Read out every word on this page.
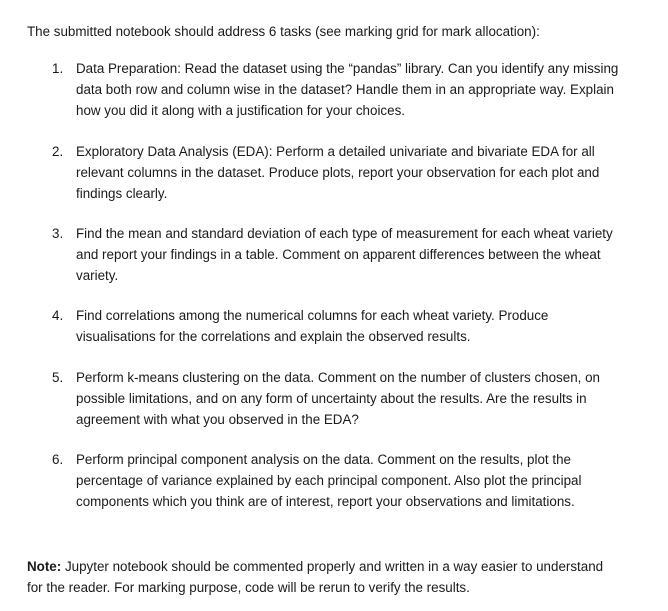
The submitted notebook should address 6 tasks (see marking grid for mark allocation):
1. Data Preparation: Read the dataset using the “pandas” library. Can you identify any missing
data both row and column wise in the dataset? Handle them in an appropriate way. Explain
how you did it along with a justification for your choices.
2. Exploratory Data Analysis (EDA): Perform a detailed univariate and bivariate EDA for all
relevant columns in the dataset. Produce plots, report your observation for each plot and
findings clearly.
3. Find the mean and standard deviation of each type of measurement for each wheat variety
and report your findings in a table. Comment on apparent differences between the wheat
variety.
4. Find correlations among the numerical columns for each wheat variety. Produce
visualisations for the correlations and explain the observed results.
5. Perform k-means clustering on the data. Comment on the number of clusters chosen, on
possible limitations, and on any form of uncertainty about the results. Are the results in
agreement with what you observed in the EDA?
6. Perform principal component analysis on the data. Comment on the results, plot the
percentage of variance explained by each principal component. Also plot the principal
components which you think are of interest, report your observations and limitations.
Note: Jupyter notebook should be commented properly and written in a way easier to understand
for the reader. For marking purpose, code will be rerun to verify the results.
